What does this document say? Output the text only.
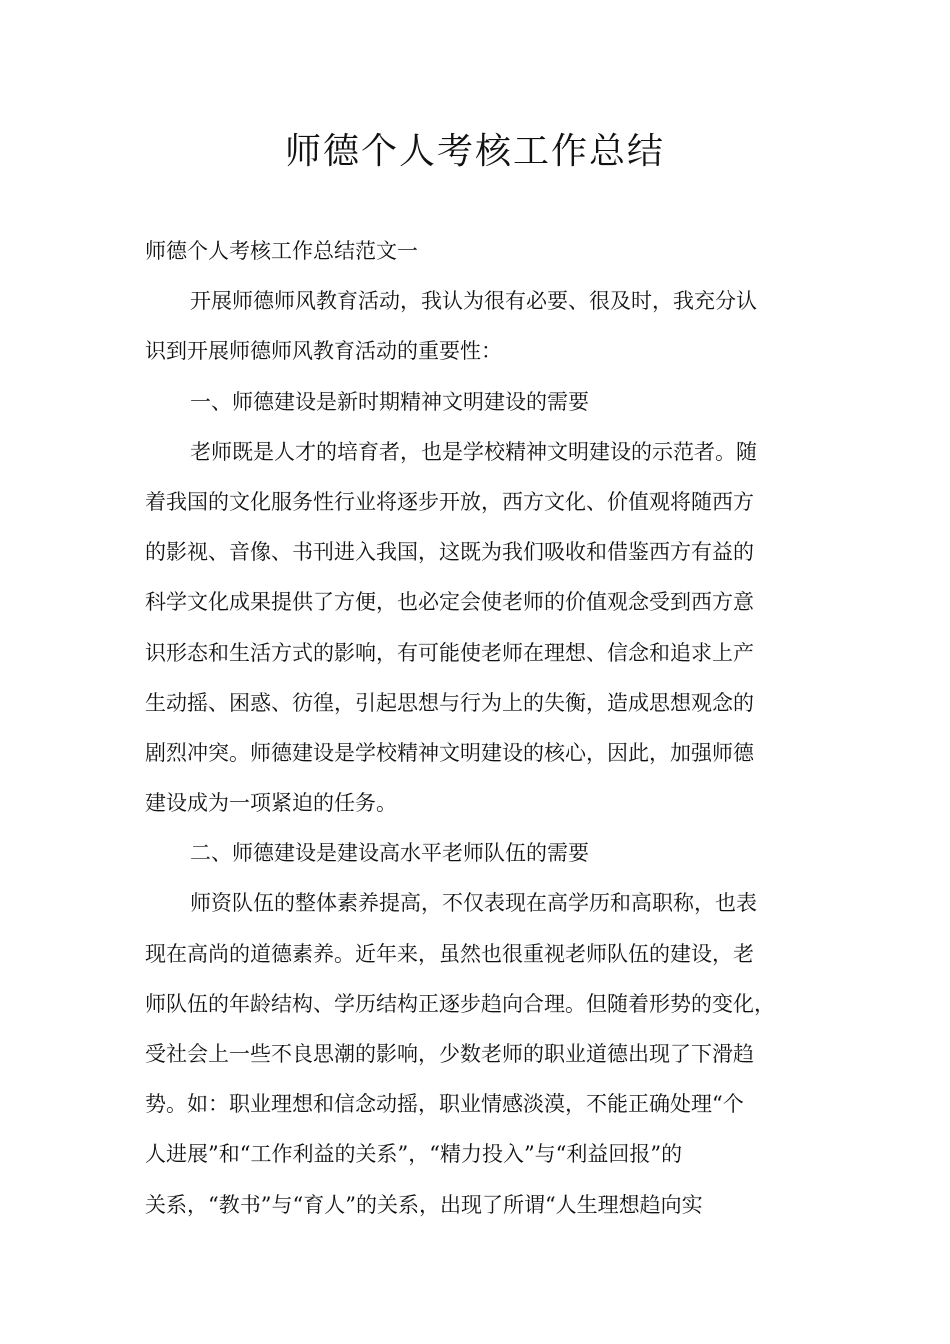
师德个人考核工作总结
师德个人考核工作总结范文一
开展师德师风教育活动，我认为很有必要、很及时，我充分认
识到开展师德师风教育活动的重要性：
一、师德建设是新时期精神文明建设的需要
老师既是人才的培育者，也是学校精神文明建设的示范者。随
着我国的文化服务性行业将逐步开放，西方文化、价值观将随西方
的影视、音像、书刊进入我国，这既为我们吸收和借鉴西方有益的
科学文化成果提供了方便，也必定会使老师的价值观念受到西方意
识形态和生活方式的影响，有可能使老师在理想、信念和追求上产
生动摇、困惑、彷徨，引起思想与行为上的失衡，造成思想观念的
剧烈冲突。师德建设是学校精神文明建设的核心，因此，加强师德
建设成为一项紧迫的任务。
二、师德建设是建设高水平老师队伍的需要
师资队伍的整体素养提高，不仅表现在高学历和高职称，也表
现在高尚的道德素养。近年来，虽然也很重视老师队伍的建设，老
师队伍的年龄结构、学历结构正逐步趋向合理。但随着形势的变化，
受社会上一些不良思潮的影响，少数老师的职业道德出现了下滑趋
势。如：职业理想和信念动摇，职业情感淡漠，不能正确处理“个
人进展”和“工作利益的关系”，“精力投入”与“利益回报”的
关系，“教书”与“育人”的关系，出现了所谓“人生理想趋向实
